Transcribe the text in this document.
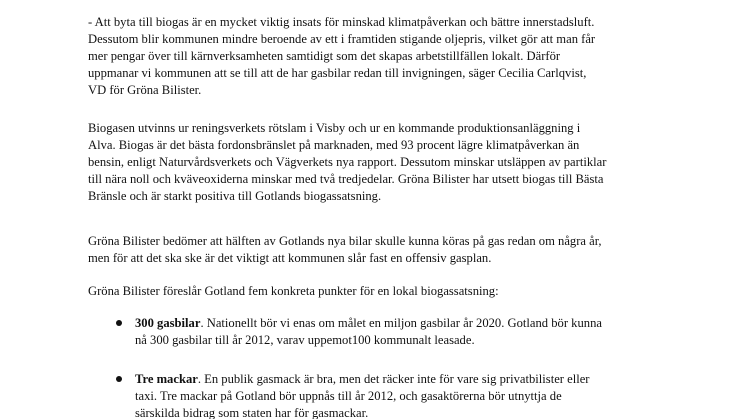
- Att byta till biogas är en mycket viktig insats för minskad klimatpåverkan och bättre innerstadsluft.
Dessutom blir kommunen mindre beroende av ett i framtiden stigande oljepris, vilket gör att man får
mer pengar över till kärnverksamheten samtidigt som det skapas arbetstillfällen lokalt. Därför
uppmanar vi kommunen att se till att de har gasbilar redan till invigningen, säger Cecilia Carlqvist,
VD för Gröna Bilister.

Biogasen utvinns ur reningsverkets rötslam i Visby och ur en kommande produktionsanläggning i
Alva. Biogas är det bästa fordonsbränslet på marknaden, med 93 procent lägre klimatpåverkan än
bensin, enligt Naturvårdsverkets och Vägverkets nya rapport. Dessutom minskar utsläppen av partiklar
till nära noll och kväveoxiderna minskar med två tredjedelar. Gröna Bilister har utsett biogas till Bästa
Bränsle och är starkt positiva till Gotlands biogassatsning.

Gröna Bilister bedömer att hälften av Gotlands nya bilar skulle kunna köras på gas redan om några år,
men för att det ska ske är det viktigt att kommunen slår fast en offensiv gasplan.

Gröna Bilister föreslår Gotland fem konkreta punkter för en lokal biogassatsning:

300 gasbilar. Nationellt bör vi enas om målet en miljon gasbilar år 2020. Gotland bör kunna
nå 300 gasbilar till år 2012, varav uppemot100 kommunalt leasade.
Tre mackar. En publik gasmack är bra, men det räcker inte för vare sig privatbilister eller
taxi. Tre mackar på Gotland bör uppnås till år 2012, och gasaktörerna bör utnyttja de
särskilda bidrag som staten har för gasmackar.
